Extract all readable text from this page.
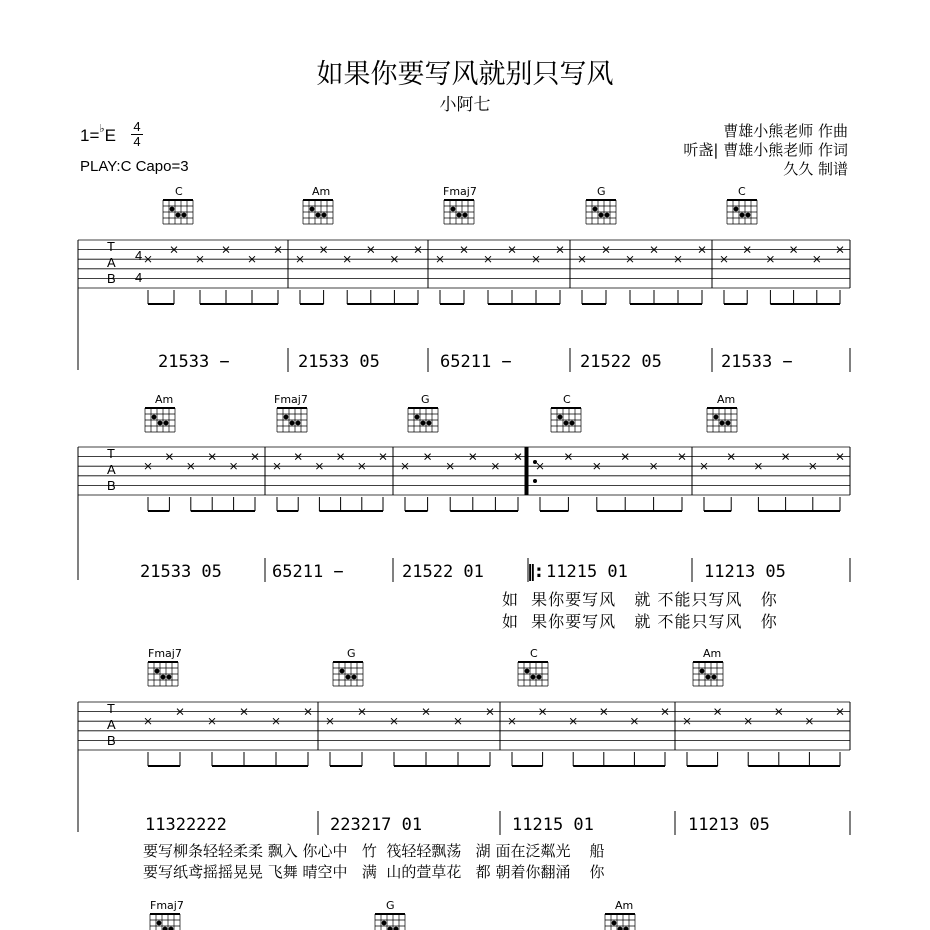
如果你要写风就别只写风
小阿七
1=♭E 4
4
PLAY:C Capo=3
曹雄小熊老师 作曲
听盏| 曹雄小熊老师 作词
久久 制谱
C	Am	Fmaj7	G	C
Am	Fmaj7	G	C	Am
Fmaj7	G	C	Am
Fmaj7	G	Am
T
A
B
T
A
B
T
A
B
4
4
21533 −	21533 05	65211 −	21522 05	21533 −
21533 05	65211 −	21522 01	11215 01	11213 05
‖:
如  果你要写风   就 不能只写风   你
如  果你要写风   就 不能只写风   你
11322222	223217 01	11215 01	11213 05
要写柳条轻轻柔柔 飘入 你心中   竹  筏轻轻飘荡   湖 面在泛粼光    船
要写纸鸢摇摇晃晃 飞舞 晴空中   满  山的萱草花   都 朝着你翻涌    你
